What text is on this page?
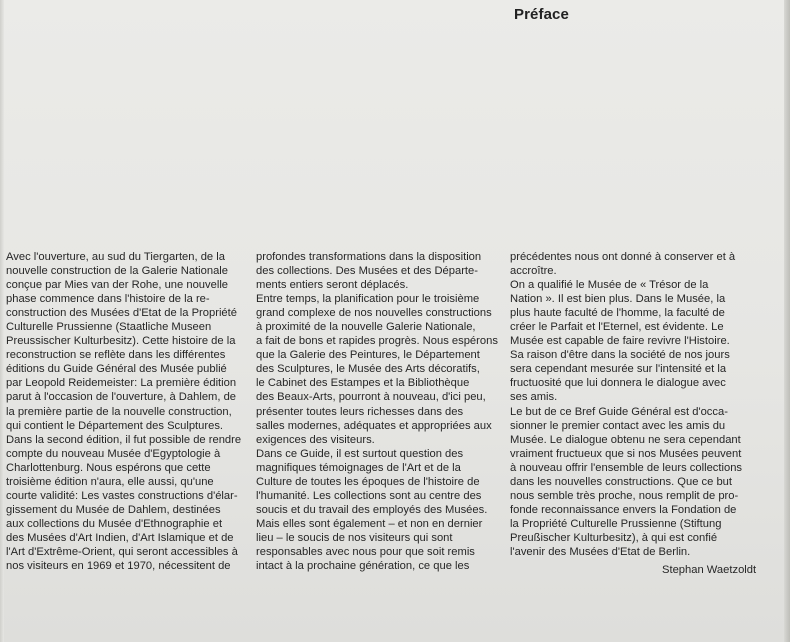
Préface
Avec l'ouverture, au sud du Tiergarten, de la
nouvelle construction de la Galerie Nationale
conçue par Mies van der Rohe, une nouvelle
phase commence dans l'histoire de la re-
construction des Musées d'Etat de la Propriété
Culturelle Prussienne (Staatliche Museen
Preussischer Kulturbesitz). Cette histoire de la
reconstruction se reflète dans les différentes
éditions du Guide Général des Musée publié
par Leopold Reidemeister: La première édition
parut à l'occasion de l'ouverture, à Dahlem, de
la première partie de la nouvelle construction,
qui contient le Département des Sculptures.
Dans la second édition, il fut possible de rendre
compte du nouveau Musée d'Egyptologie à
Charlottenburg. Nous espérons que cette
troisième édition n'aura, elle aussi, qu'une
courte validité: Les vastes constructions d'élar-
gissement du Musée de Dahlem, destinées
aux collections du Musée d'Ethnographie et
des Musées d'Art Indien, d'Art Islamique et de
l'Art d'Extrême-Orient, qui seront accessibles à
nos visiteurs en 1969 et 1970, nécessitent de
profondes transformations dans la disposition
des collections. Des Musées et des Départe-
ments entiers seront déplacés.
Entre temps, la planification pour le troisième
grand complexe de nos nouvelles constructions
à proximité de la nouvelle Galerie Nationale,
a fait de bons et rapides progrès. Nous espérons
que la Galerie des Peintures, le Département
des Sculptures, le Musée des Arts décoratifs,
le Cabinet des Estampes et la Bibliothèque
des Beaux-Arts, pourront à nouveau, d'ici peu,
présenter toutes leurs richesses dans des
salles modernes, adéquates et appropriées aux
exigences des visiteurs.
Dans ce Guide, il est surtout question des
magnifiques témoignages de l'Art et de la
Culture de toutes les époques de l'histoire de
l'humanité. Les collections sont au centre des
soucis et du travail des employés des Musées.
Mais elles sont également – et non en dernier
lieu – le soucis de nos visiteurs qui sont
responsables avec nous pour que soit remis
intact à la prochaine génération, ce que les
précédentes nous ont donné à conserver et à
accroître.
On a qualifié le Musée de « Trésor de la
Nation ». Il est bien plus. Dans le Musée, la
plus haute faculté de l'homme, la faculté de
créer le Parfait et l'Eternel, est évidente. Le
Musée est capable de faire revivre l'Histoire.
Sa raison d'être dans la société de nos jours
sera cependant mesurée sur l'intensité et la
fructuosité que lui donnera le dialogue avec
ses amis.
Le but de ce Bref Guide Général est d'occa-
sionner le premier contact avec les amis du
Musée. Le dialogue obtenu ne sera cependant
vraiment fructueux que si nos Musées peuvent
à nouveau offrir l'ensemble de leurs collections
dans les nouvelles constructions. Que ce but
nous semble très proche, nous remplit de pro-
fonde reconnaissance envers la Fondation de
la Propriété Culturelle Prussienne (Stiftung
Preußischer Kulturbesitz), à qui est confié
l'avenir des Musées d'Etat de Berlin.
Stephan Waetzoldt
